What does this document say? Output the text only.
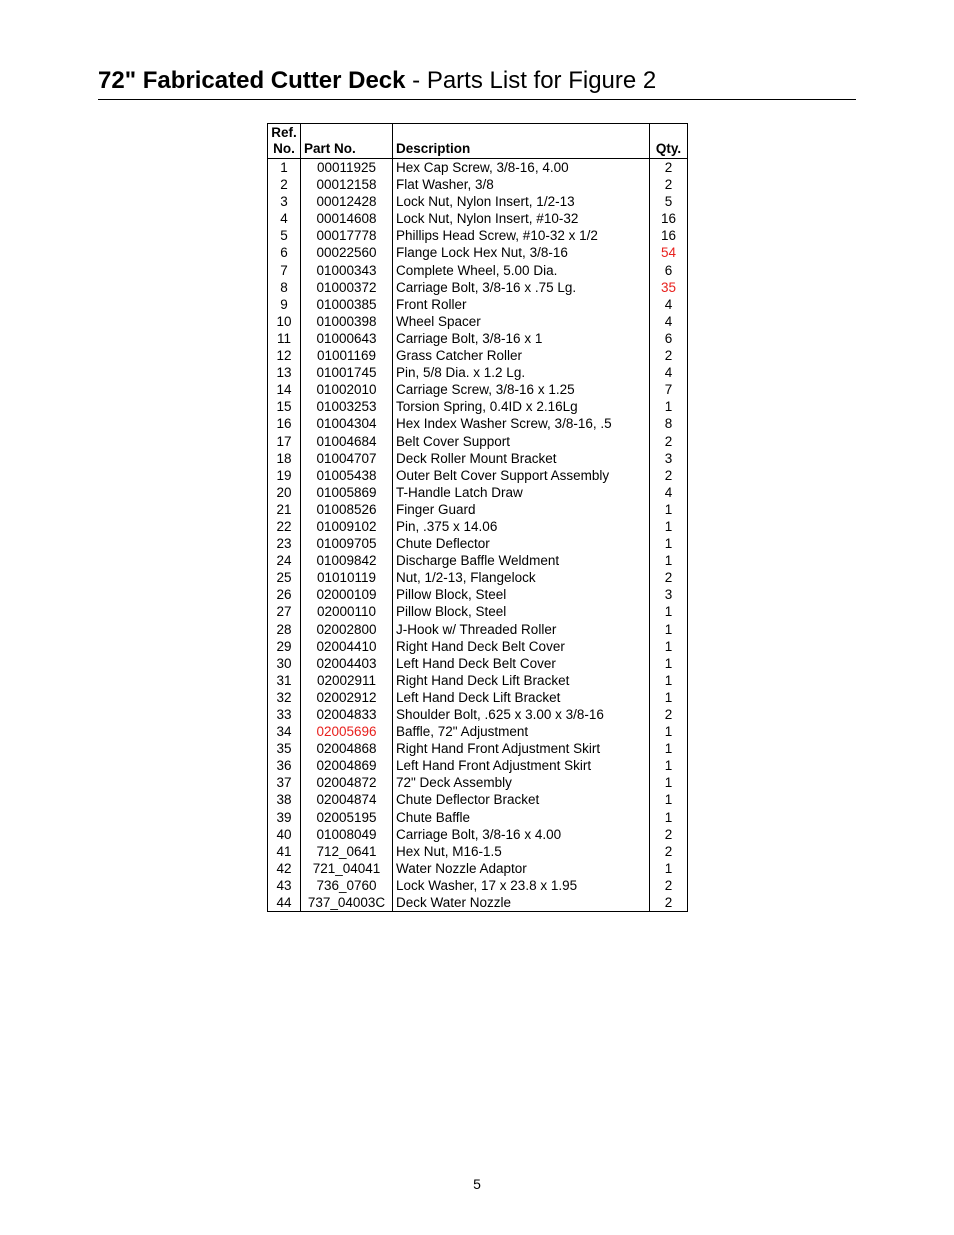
72" Fabricated Cutter Deck - Parts List for Figure 2
Ref.
No.	Part No.	Description	Qty.
1	00011925	Hex Cap Screw, 3/8-16, 4.00	2
2	00012158	Flat Washer, 3/8	2
3	00012428	Lock Nut, Nylon Insert, 1/2-13	5
4	00014608	Lock Nut, Nylon Insert, #10-32	16
5	00017778	Phillips Head Screw, #10-32 x 1/2	16
6	00022560	Flange Lock Hex Nut, 3/8-16	54
7	01000343	Complete Wheel, 5.00 Dia.	6
8	01000372	Carriage Bolt, 3/8-16 x .75 Lg.	35
9	01000385	Front Roller	4
10	01000398	Wheel Spacer	4
11	01000643	Carriage Bolt, 3/8-16 x 1	6
12	01001169	Grass Catcher Roller	2
13	01001745	Pin, 5/8 Dia. x 1.2 Lg.	4
14	01002010	Carriage Screw, 3/8-16 x 1.25	7
15	01003253	Torsion Spring, 0.4ID x 2.16Lg	1
16	01004304	Hex Index Washer Screw, 3/8-16, .5	8
17	01004684	Belt Cover Support	2
18	01004707	Deck Roller Mount Bracket	3
19	01005438	Outer Belt Cover Support Assembly	2
20	01005869	T-Handle Latch Draw	4
21	01008526	Finger Guard	1
22	01009102	Pin, .375 x 14.06	1
23	01009705	Chute Deflector	1
24	01009842	Discharge Baffle Weldment	1
25	01010119	Nut, 1/2-13, Flangelock	2
26	02000109	Pillow Block, Steel	3
27	02000110	Pillow Block, Steel	1
28	02002800	J-Hook w/ Threaded Roller	1
29	02004410	Right Hand Deck Belt Cover	1
30	02004403	Left Hand Deck Belt Cover	1
31	02002911	Right Hand Deck Lift Bracket	1
32	02002912	Left Hand Deck Lift Bracket	1
33	02004833	Shoulder Bolt, .625 x 3.00 x 3/8-16	2
34	02005696	Baffle, 72" Adjustment	1
35	02004868	Right Hand Front Adjustment Skirt	1
36	02004869	Left Hand Front Adjustment Skirt	1
37	02004872	72" Deck Assembly	1
38	02004874	Chute Deflector Bracket	1
39	02005195	Chute Baffle	1
40	01008049	Carriage Bolt, 3/8-16 x 4.00	2
41	712_0641	Hex Nut, M16-1.5	2
42	721_04041	Water Nozzle Adaptor	1
43	736_0760	Lock Washer, 17 x 23.8 x 1.95	2
44	737_04003C	Deck Water Nozzle	2
5
